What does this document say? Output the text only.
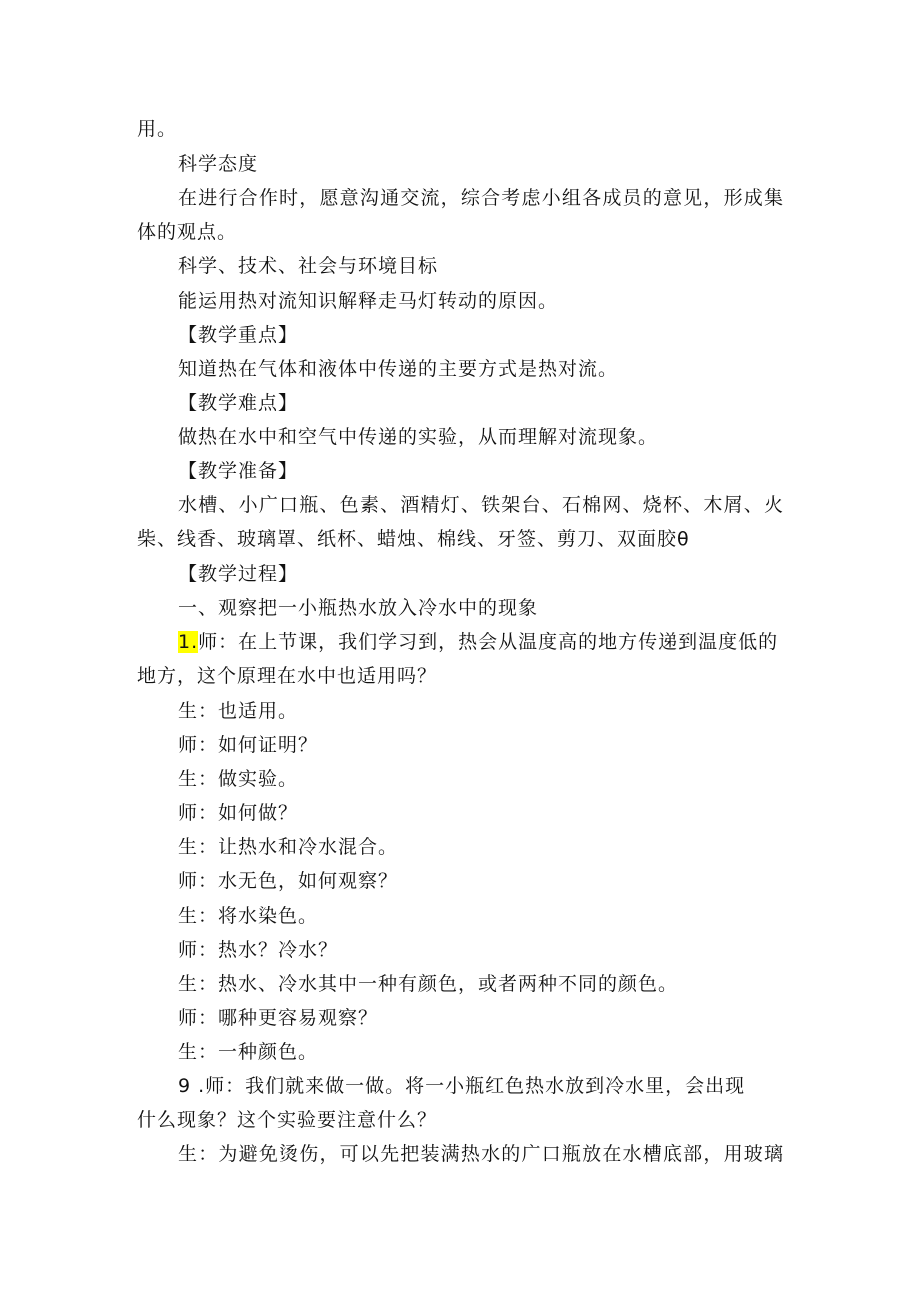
用。
科学态度
在进行合作时，愿意沟通交流，综合考虑小组各成员的意见，形成集
体的观点。
科学、技术、社会与环境目标
能运用热对流知识解释走马灯转动的原因。
【教学重点】
知道热在气体和液体中传递的主要方式是热对流。
【教学难点】
做热在水中和空气中传递的实验，从而理解对流现象。
【教学准备】
水槽、小广口瓶、色素、酒精灯、铁架台、石棉网、烧杯、木屑、火
柴、线香、玻璃罩、纸杯、蜡烛、棉线、牙签、剪刀、双面胶θ
【教学过程】
一、观察把一小瓶热水放入冷水中的现象
1.师：在上节课，我们学习到，热会从温度高的地方传递到温度低的
地方，这个原理在水中也适用吗？
生：也适用。
师：如何证明？
生：做实验。
师：如何做？
生：让热水和冷水混合。
师：水无色，如何观察？
生：将水染色。
师：热水？冷水？
生：热水、冷水其中一种有颜色，或者两种不同的颜色。
师：哪种更容易观察？
生：一种颜色。
9 .师：我们就来做一做。将一小瓶红色热水放到冷水里，会出现
什么现象？这个实验要注意什么？
生：为避免烫伤，可以先把装满热水的广口瓶放在水槽底部，用玻璃
